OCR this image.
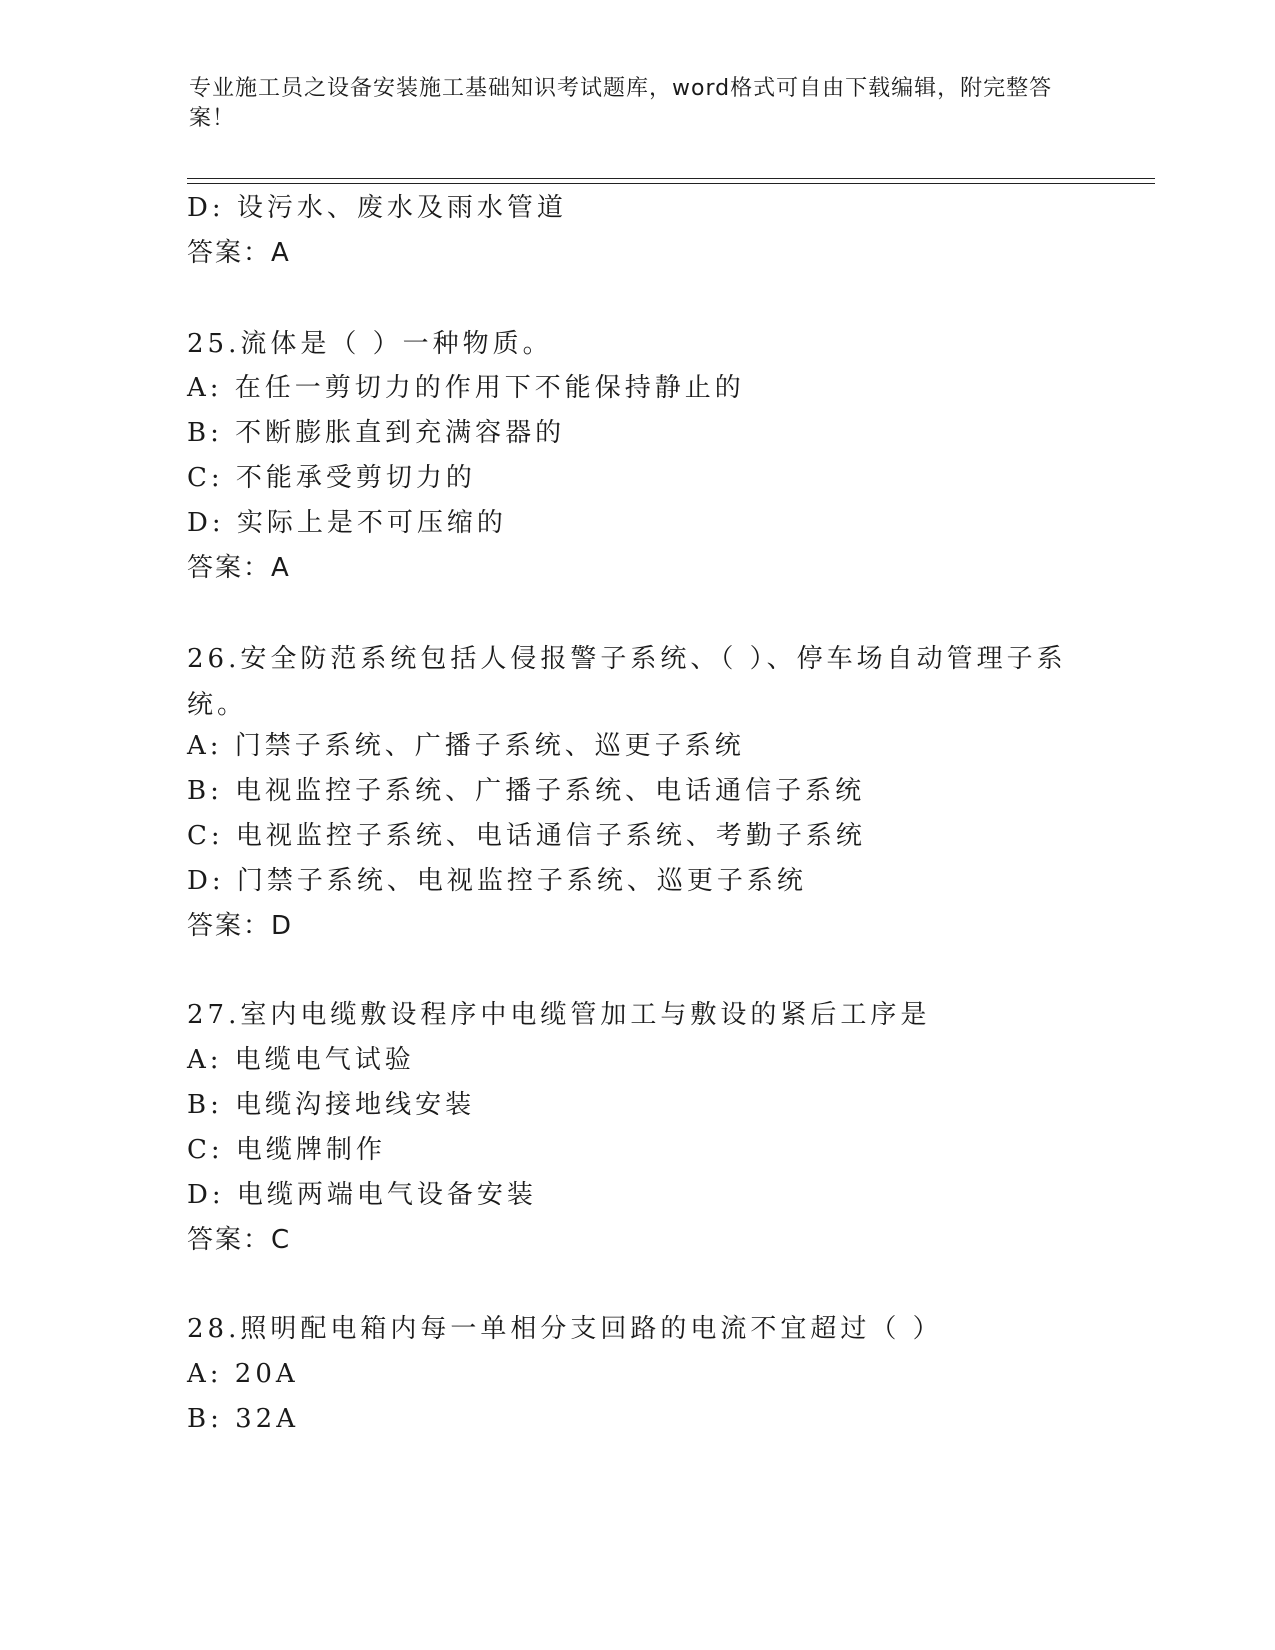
专业施工员之设备安装施工基础知识考试题库，word格式可自由下载编辑，附完整答案！
D: 设污水、废水及雨水管道
答案：A
25.流体是（ ）一种物质。
A: 在任一剪切力的作用下不能保持静止的
B: 不断膨胀直到充满容器的
C: 不能承受剪切力的
D: 实际上是不可压缩的
答案：A
26.安全防范系统包括人侵报警子系统、（ ）、停车场自动管理子系统。
A: 门禁子系统、广播子系统、巡更子系统
B: 电视监控子系统、广播子系统、电话通信子系统
C: 电视监控子系统、电话通信子系统、考勤子系统
D: 门禁子系统、电视监控子系统、巡更子系统
答案：D
27.室内电缆敷设程序中电缆管加工与敷设的紧后工序是
A: 电缆电气试验
B: 电缆沟接地线安装
C: 电缆牌制作
D: 电缆两端电气设备安装
答案：C
28.照明配电箱内每一单相分支回路的电流不宜超过（ ）
A: 20A
B: 32A
